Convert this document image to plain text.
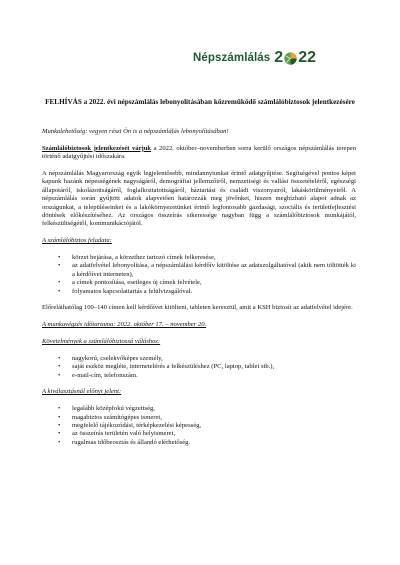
Népszámlálás 2 22
FELHÍVÁS a 2022. évi népszámlálás lebonyolításában közreműködő számlálóbiztosok jelentkezésére

Munkalehetőség: vegyen részt Ön is a népszámlálás lebonyolításában!

Számlálóbiztosok jelentkezését várjuk a 2022. október–novemberben sorra kerülő országos népszámlálás terepen történő adatgyűjtési időszakára.

A népszámlálás Magyarország egyik legjelentősebb, mindannyiunkat érintő adatgyűjtése. Segítségével pontos képet kapunk hazánk népességének nagyságáról, demográfiai jellemzőiről, nemzetiségi és vallási összetételéről, egészségi állapotáról, iskolázottságáról, foglalkoztatottságáról, háztartási és családi viszonyairól, lakáskörülményeiről. A népszámlálás során gyűjtött adatok alapvetően határozzák meg jövőnket, hiszen megbízható alapot adnak az országunkat, a településeinket és a lakókörnyezetünket érintő legfontosabb gazdasági, szociális és területfejlesztési döntések előkészítéséhez. Az országos összeírás sikeressége nagyban függ a számlálóbiztosok munkájától, felkészültségétől, kommunikációjától.

A számlálóbiztos feladata:

• körzet bejárása, a körzethez tartozó címek felkeresése,
• az adatfelvétel lebonyolítása, a népszámlálási kérdőív kitöltése az adatszolgáltatóval (akik nem töltötték ki a kérdőívet interneten),
• a címek pontosítása, esetleges új címek felvétele,
• folyamatos kapcsolattartás a felülvizsgálóval.

Előreláthatólag 100–140 címen kell kérdőívet kitölteni, tableten keresztül, amit a KSH biztosít az adatfelvétel idejére.

A munkavégzés időtartama: 2022. október 17. – november 20.

Követelmények a számlálóbiztossá váláshoz:

• nagykorú, cselekvőképes személy,
• saját eszköz megléte, internetelérés a felkészüléshez (PC, laptop, tablet stb.),
• e-mail-cím, telefonszám.

A kiválasztásnál előnyt jelent:

• legalább középfokú végzettség,
• magabiztos számítógépes ismeret,
• megfelelő tájékozódási, térképkezelési képesség,
• az összeírás területén való helyismeret,
• rugalmas időbeosztás és állandó elérhetőség.
